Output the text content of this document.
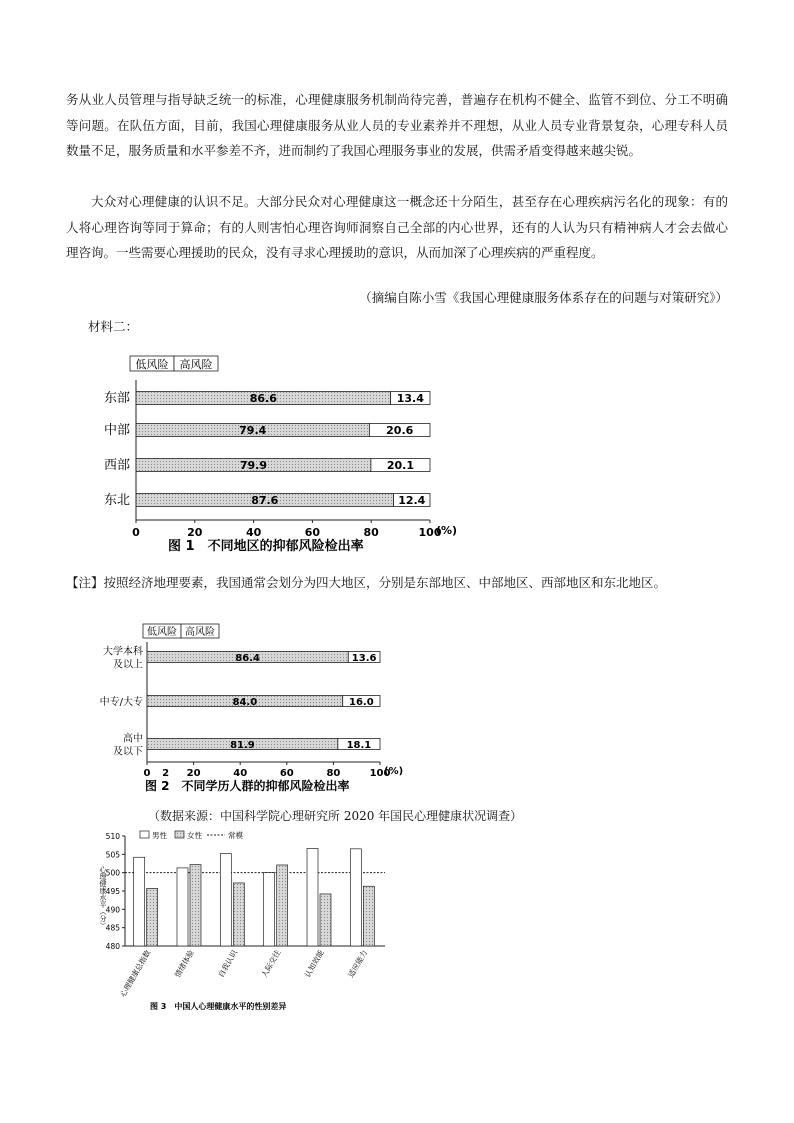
务从业人员管理与指导缺乏统一的标准，心理健康服务机制尚待完善，普遍存在机构不健全、监管不到位、分工不明确等问题。在队伍方面，目前，我国心理健康服务从业人员的专业素养并不理想，从业人员专业背景复杂，心理专科人员数量不足，服务质量和水平参差不齐，进而制约了我国心理服务事业的发展，供需矛盾变得越来越尖锐。

大众对心理健康的认识不足。大部分民众对心理健康这一概念还十分陌生，甚至存在心理疾病污名化的现象：有的人将心理咨询等同于算命；有的人则害怕心理咨询师洞察自己全部的内心世界，还有的人认为只有精神病人才会去做心理咨询。一些需要心理援助的民众，没有寻求心理援助的意识，从而加深了心理疾病的严重程度。

（摘编自陈小雪《我国心理健康服务体系存在的问题与对策研究》）
材料二：
低风险 高风险
0	20	40	60	80	100
(%)
86.6	13.4
东部
79.4	20.6
中部
79.9	20.1
西部
87.6	12.4
东北
图 1　不同地区的抑郁风险检出率
【注】按照经济地理要素，我国通常会划分为四大地区，分别是东部地区、中部地区、西部地区和东北地区。
低风险 高风险
0 2 20	40	60	80	100
(%)
86.4	13.6
大学本科
及以上
84.0	16.0
中专/大专
81.9	18.1
高中
及以下
图 2　不同学历人群的抑郁风险检出率
（数据来源：中国科学院心理研究所 2020 年国民心理健康状况调查）
男性	女性	常模
480
485
490
495
500
505
510
心理健康水平（分）
心理健康总指数	情绪体验	自我认识	人际交往	认知效能	适应能力
图 3　中国人心理健康水平的性别差异
